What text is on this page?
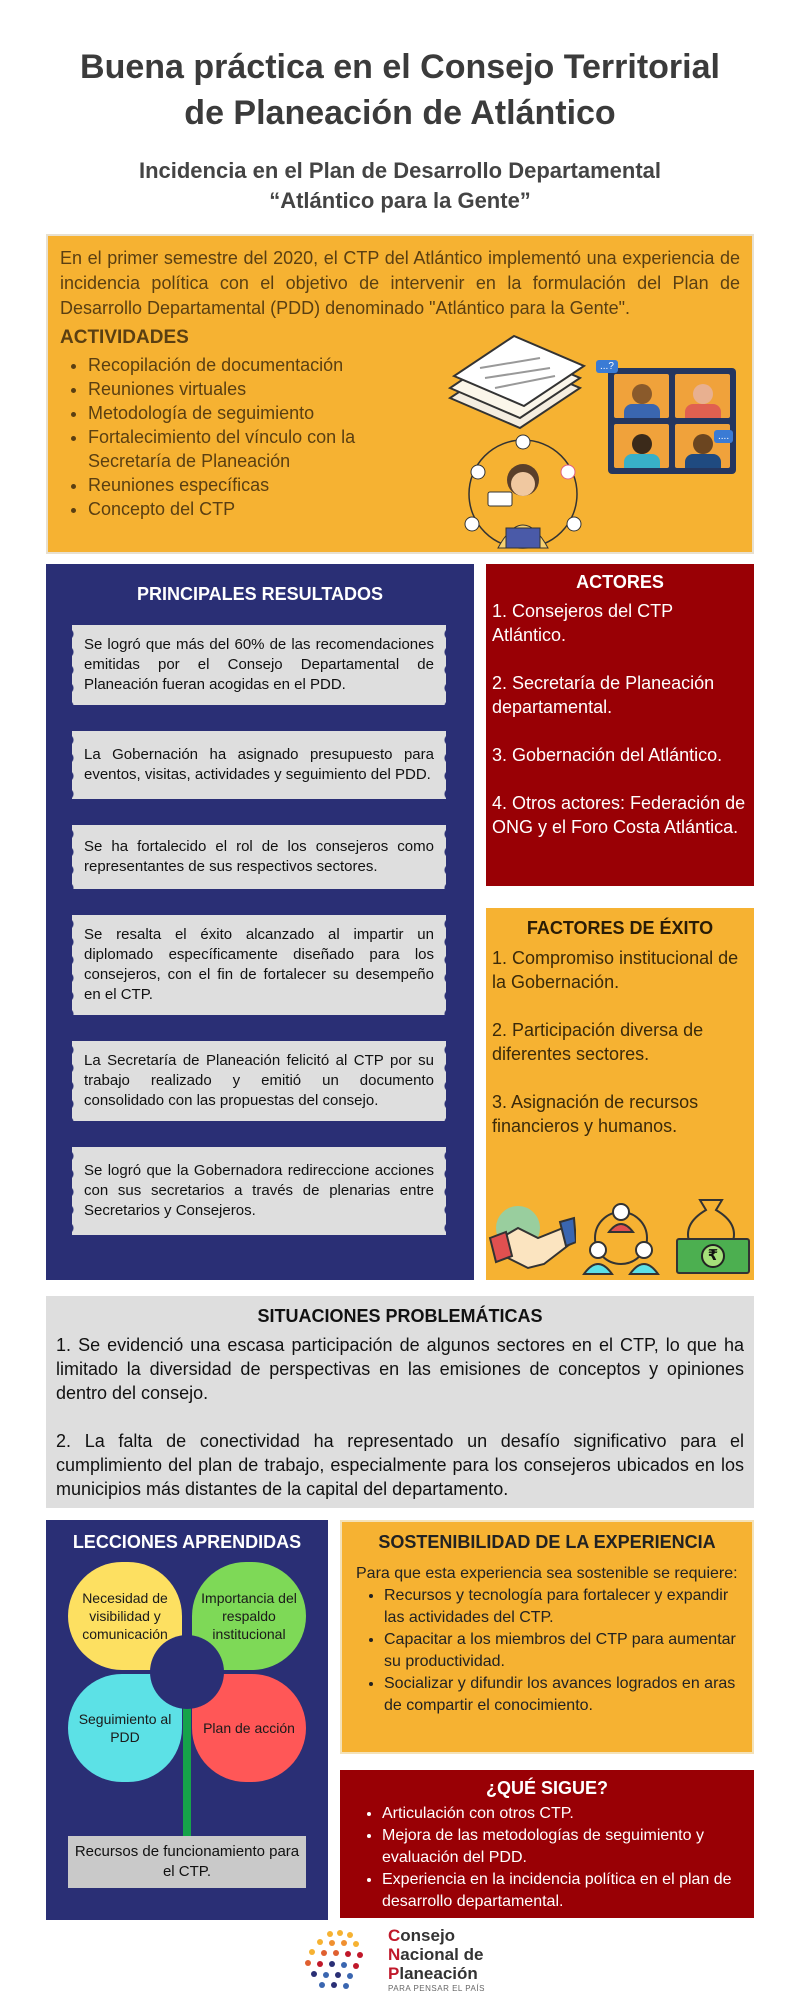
Buena práctica en el Consejo Territorial
de Planeación de Atlántico
Incidencia en el Plan de Desarrollo Departamental
“Atlántico para la Gente”

En el primer semestre del 2020, el CTP del Atlántico implementó una experiencia de incidencia política con el objetivo de intervenir en la formulación del Plan de Desarrollo Departamental (PDD) denominado "Atlántico para la Gente".

ACTIVIDADES
• Recopilación de documentación
• Reuniones virtuales
• Metodología de seguimiento
• Fortalecimiento del vínculo con la Secretaría de Planeación
• Reuniones específicas
• Concepto del CTP
...?
....
PRINCIPALES RESULTADOS
Se logró que más del 60% de las recomendaciones emitidas por el Consejo Departamental de Planeación fueran acogidas en el PDD.
La Gobernación ha asignado presupuesto para eventos, visitas, actividades y seguimiento del PDD.
Se ha fortalecido el rol de los consejeros como representantes de sus respectivos sectores.
Se resalta el éxito alcanzado al impartir un diplomado específicamente diseñado para los consejeros, con el fin de fortalecer su desempeño en el CTP.
La Secretaría de Planeación felicitó al CTP por su trabajo realizado y emitió un documento consolidado con las propuestas del consejo.
Se logró que la Gobernadora redireccione acciones con sus secretarios a través de plenarias entre Secretarios y Consejeros.
ACTORES
1. Consejeros del CTP Atlántico.
2. Secretaría de Planeación departamental.
3. Gobernación del Atlántico.
4. Otros actores: Federación de ONG y el Foro Costa Atlántica.
FACTORES DE ÉXITO
1. Compromiso institucional de la Gobernación.
2. Participación diversa de diferentes sectores.
3. Asignación de recursos financieros y humanos.
₹
SITUACIONES PROBLEMÁTICAS

1. Se evidenció una escasa participación de algunos sectores en el CTP, lo que ha limitado la diversidad de perspectivas en las emisiones de conceptos y opiniones dentro del consejo.

2. La falta de conectividad ha representado un desafío significativo para el cumplimiento del plan de trabajo, especialmente para los consejeros ubicados en los municipios más distantes de la capital del departamento.

LECCIONES APRENDIDAS
Necesidad de visibilidad y comunicación
Importancia del respaldo institucional
Seguimiento al PDD
Plan de acción
Recursos de funcionamiento para el CTP.
SOSTENIBILIDAD DE LA EXPERIENCIA

Para que esta experiencia sea sostenible se requiere:

• Recursos y tecnología para fortalecer y expandir las actividades del CTP.
• Capacitar a los miembros del CTP para aumentar su productividad.
• Socializar y difundir los avances logrados en aras de compartir el conocimiento.
¿QUÉ SIGUE?
• Articulación con otros CTP.
• Mejora de las metodologías de seguimiento y evaluación del PDD.
• Experiencia en la incidencia política en el plan de desarrollo departamental.
Consejo
Nacional de
Planeación
PARA PENSAR EL PAÍS
